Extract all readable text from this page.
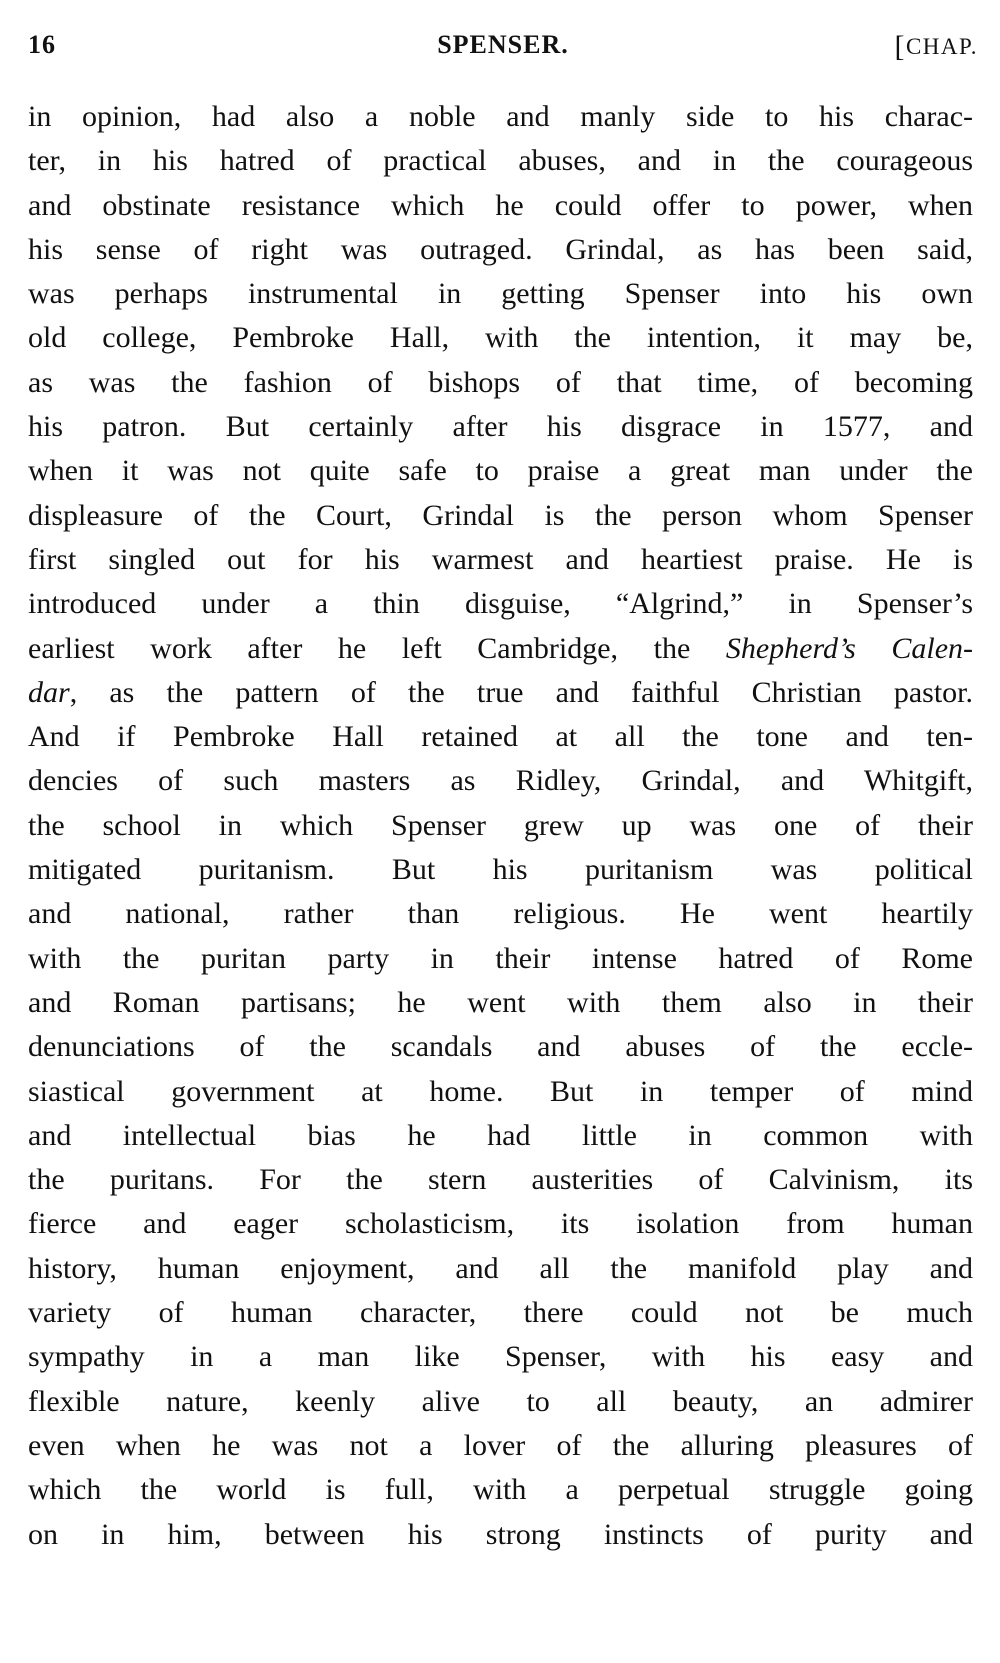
16	SPENSER.	[CHAP.
in opinion, had also a noble and manly side to his charac-
ter, in his hatred of practical abuses, and in the courageous
and obstinate resistance which he could offer to power, when
his sense of right was outraged. Grindal, as has been said,
was perhaps instrumental in getting Spenser into his own
old college, Pembroke Hall, with the intention, it may be,
as was the fashion of bishops of that time, of becoming
his patron. But certainly after his disgrace in 1577, and
when it was not quite safe to praise a great man under the
displeasure of the Court, Grindal is the person whom Spenser
first singled out for his warmest and heartiest praise. He is
introduced under a thin disguise, “Algrind,” in Spenser’s
earliest work after he left Cambridge, the Shepherd’s Calen-
dar, as the pattern of the true and faithful Christian pastor.
And if Pembroke Hall retained at all the tone and ten-
dencies of such masters as Ridley, Grindal, and Whitgift,
the school in which Spenser grew up was one of their
mitigated puritanism. But his puritanism was political
and national, rather than religious. He went heartily
with the puritan party in their intense hatred of Rome
and Roman partisans; he went with them also in their
denunciations of the scandals and abuses of the eccle-
siastical government at home. But in temper of mind
and intellectual bias he had little in common with
the puritans. For the stern austerities of Calvinism, its
fierce and eager scholasticism, its isolation from human
history, human enjoyment, and all the manifold play and
variety of human character, there could not be much
sympathy in a man like Spenser, with his easy and
flexible nature, keenly alive to all beauty, an admirer
even when he was not a lover of the alluring pleasures of
which the world is full, with a perpetual struggle going
on in him, between his strong instincts of purity and
